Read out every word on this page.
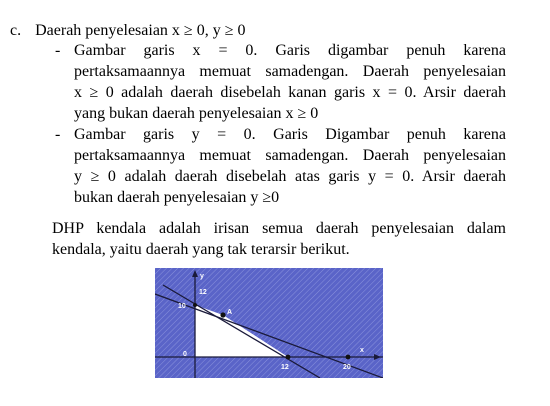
c. Daerah penyelesaian x ≥ 0, y ≥ 0
- Gambar garis x = 0. Garis digambar penuh karena
pertaksamaannya memuat samadengan. Daerah penyelesaian
x ≥ 0 adalah daerah disebelah kanan garis x = 0. Arsir daerah
yang bukan daerah penyelesaian x ≥ 0
- Gambar garis y = 0. Garis Digambar penuh karena
pertaksamaannya memuat samadengan. Daerah penyelesaian
y ≥ 0 adalah daerah disebelah atas garis y = 0. Arsir daerah
bukan daerah penyelesaian y ≥0
DHP kendala adalah irisan semua daerah penyelesaian dalam
kendala, yaitu daerah yang tak terarsir berikut.
y
12
10
A
0
x
12	20
